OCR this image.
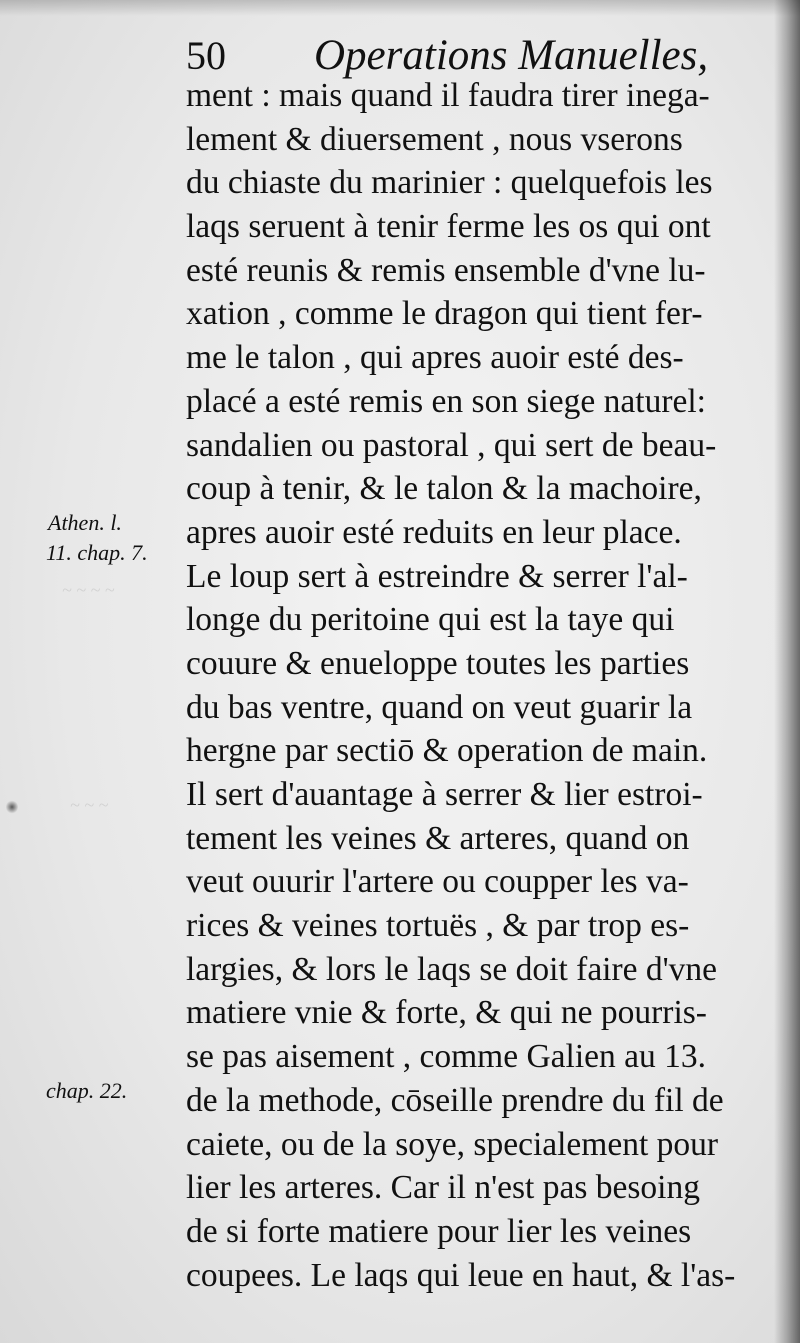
~ ~ ~ ~
~ ~ ~
50 Operations Manuelles,
Athen. l.
11. chap. 7.
chap. 22.
ment : mais quand il faudra tirer inega-
lement & diuersement , nous vserons
du chiaste du marinier : quelquefois les
laqs seruent à tenir ferme les os qui ont
esté reunis & remis ensemble d'vne lu-
xation , comme le dragon qui tient fer-
me le talon , qui apres auoir esté des-
placé a esté remis en son siege naturel:
sandalien ou pastoral , qui sert de beau-
coup à tenir, & le talon & la machoire,
apres auoir esté reduits en leur place.
Le loup sert à estreindre & serrer l'al-
longe du peritoine qui est la taye qui
couure & enueloppe toutes les parties
du bas ventre, quand on veut guarir la
hergne par sectiō & operation de main.
Il sert d'auantage à serrer & lier estroi-
tement les veines & arteres, quand on
veut ouurir l'artere ou coupper les va-
rices & veines tortuës , & par trop es-
largies, & lors le laqs se doit faire d'vne
matiere vnie & forte, & qui ne pourris-
se pas aisement , comme Galien au 13.
de la methode, cōseille prendre du fil de
caiete, ou de la soye, specialement pour
lier les arteres. Car il n'est pas besoing
de si forte matiere pour lier les veines
coupees. Le laqs qui leue en haut, & l'as-
